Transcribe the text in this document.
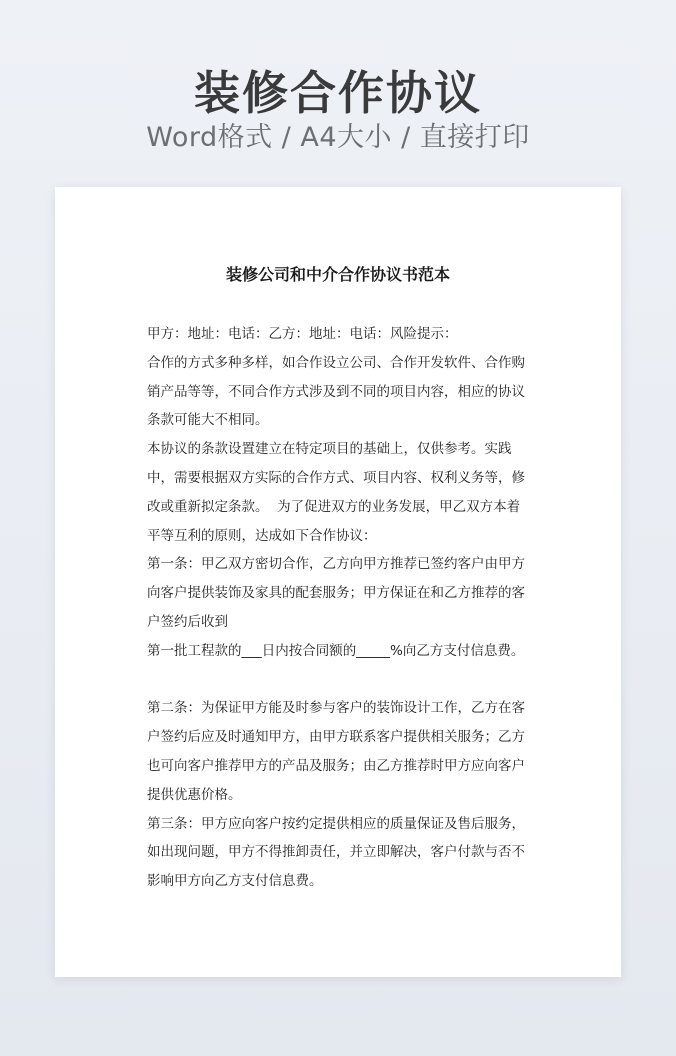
装修合作协议
Word格式 / A4大小 / 直接打印
装修公司和中介合作协议书范本

甲方：地址：电话：乙方：地址：电话：风险提示：

合作的方式多种多样，如合作设立公司、合作开发软件、合作购销产品等等，不同合作方式涉及到不同的项目内容，相应的协议条款可能大不相同。

本协议的条款设置建立在特定项目的基础上，仅供参考。实践中，需要根据双方实际的合作方式、项目内容、权利义务等，修改或重新拟定条款。  为了促进双方的业务发展，甲乙双方本着平等互利的原则，达成如下合作协议：

第一条：甲乙双方密切合作，乙方向甲方推荐已签约客户由甲方向客户提供装饰及家具的配套服务；甲方保证在和乙方推荐的客户签约后收到

第一批工程款的___日内按合同额的_____%向乙方支付信息费。

第二条：为保证甲方能及时参与客户的装饰设计工作，乙方在客户签约后应及时通知甲方，由甲方联系客户提供相关服务；乙方也可向客户推荐甲方的产品及服务；由乙方推荐时甲方应向客户提供优惠价格。

第三条：甲方应向客户按约定提供相应的质量保证及售后服务，如出现问题，甲方不得推卸责任，并立即解决，客户付款与否不影响甲方向乙方支付信息费。
